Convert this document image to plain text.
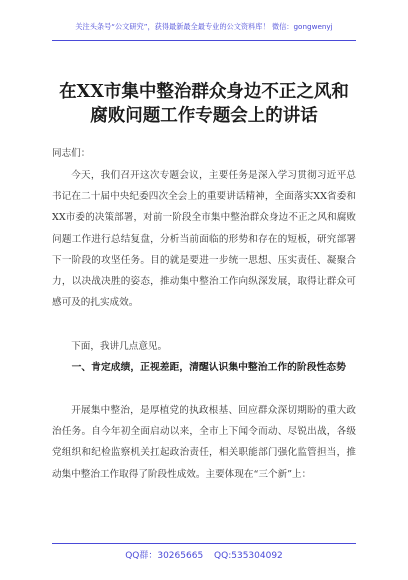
关注头条号“公文研究”，获得最新最全最专业的公文资料库！ 微信：gongwenyj
在XX市集中整治群众身边不正之风和
腐败问题工作专题会上的讲话
同志们：
今天，我们召开这次专题会议，主要任务是深入学习贯彻习近平总书记在二十届中央纪委四次全会上的重要讲话精神，全面落实XX省委和XX市委的决策部署，对前一阶段全市集中整治群众身边不正之风和腐败问题工作进行总结复盘，分析当前面临的形势和存在的短板，研究部署下一阶段的攻坚任务。目的就是要进一步统一思想、压实责任、凝聚合力，以决战决胜的姿态，推动集中整治工作向纵深发展，取得让群众可感可及的扎实成效。
下面，我讲几点意见。
一、肯定成绩，正视差距，清醒认识集中整治工作的阶段性态势
开展集中整治，是厚植党的执政根基、回应群众深切期盼的重大政治任务。自今年初全面启动以来，全市上下闻令而动、尽锐出战，各级党组织和纪检监察机关扛起政治责任，相关职能部门强化监管担当，推动集中整治工作取得了阶段性成效。主要体现在“三个新”上：
QQ群：30265665 QQ:535304092
